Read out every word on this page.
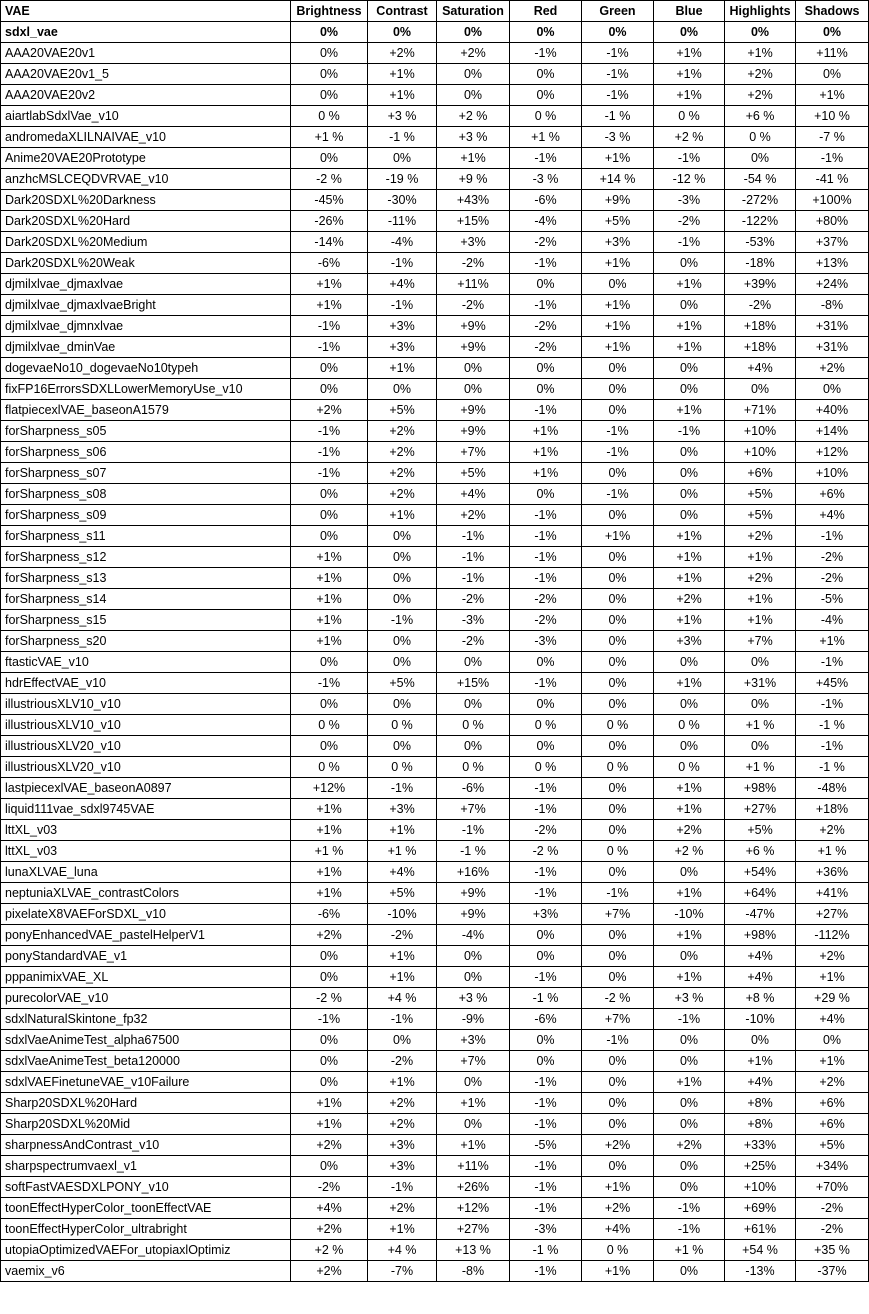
VAE	Brightness	Contrast	Saturation	Red	Green	Blue	Highlights	Shadows
sdxl_vae	0%	0%	0%	0%	0%	0%	0%	0%
AAA20VAE20v1	0%	+2%	+2%	-1%	-1%	+1%	+1%	+11%
AAA20VAE20v1_5	0%	+1%	0%	0%	-1%	+1%	+2%	0%
AAA20VAE20v2	0%	+1%	0%	0%	-1%	+1%	+2%	+1%
aiartlabSdxlVae_v10	0 %	+3 %	+2 %	0 %	-1 %	0 %	+6 %	+10 %
andromedaXLILNAIVAE_v10	+1 %	-1 %	+3 %	+1 %	-3 %	+2 %	0 %	-7 %
Anime20VAE20Prototype	0%	0%	+1%	-1%	+1%	-1%	0%	-1%
anzhcMSLCEQDVRVAE_v10	-2 %	-19 %	+9 %	-3 %	+14 %	-12 %	-54 %	-41 %
Dark20SDXL%20Darkness	-45%	-30%	+43%	-6%	+9%	-3%	-272%	+100%
Dark20SDXL%20Hard	-26%	-11%	+15%	-4%	+5%	-2%	-122%	+80%
Dark20SDXL%20Medium	-14%	-4%	+3%	-2%	+3%	-1%	-53%	+37%
Dark20SDXL%20Weak	-6%	-1%	-2%	-1%	+1%	0%	-18%	+13%
djmilxlvae_djmaxlvae	+1%	+4%	+11%	0%	0%	+1%	+39%	+24%
djmilxlvae_djmaxlvaeBright	+1%	-1%	-2%	-1%	+1%	0%	-2%	-8%
djmilxlvae_djmnxlvae	-1%	+3%	+9%	-2%	+1%	+1%	+18%	+31%
djmilxlvae_dminVae	-1%	+3%	+9%	-2%	+1%	+1%	+18%	+31%
dogevaeNo10_dogevaeNo10typeh	0%	+1%	0%	0%	0%	0%	+4%	+2%
fixFP16ErrorsSDXLLowerMemoryUse_v10	0%	0%	0%	0%	0%	0%	0%	0%
flatpiecexlVAE_baseonA1579	+2%	+5%	+9%	-1%	0%	+1%	+71%	+40%
forSharpness_s05	-1%	+2%	+9%	+1%	-1%	-1%	+10%	+14%
forSharpness_s06	-1%	+2%	+7%	+1%	-1%	0%	+10%	+12%
forSharpness_s07	-1%	+2%	+5%	+1%	0%	0%	+6%	+10%
forSharpness_s08	0%	+2%	+4%	0%	-1%	0%	+5%	+6%
forSharpness_s09	0%	+1%	+2%	-1%	0%	0%	+5%	+4%
forSharpness_s11	0%	0%	-1%	-1%	+1%	+1%	+2%	-1%
forSharpness_s12	+1%	0%	-1%	-1%	0%	+1%	+1%	-2%
forSharpness_s13	+1%	0%	-1%	-1%	0%	+1%	+2%	-2%
forSharpness_s14	+1%	0%	-2%	-2%	0%	+2%	+1%	-5%
forSharpness_s15	+1%	-1%	-3%	-2%	0%	+1%	+1%	-4%
forSharpness_s20	+1%	0%	-2%	-3%	0%	+3%	+7%	+1%
ftasticVAE_v10	0%	0%	0%	0%	0%	0%	0%	-1%
hdrEffectVAE_v10	-1%	+5%	+15%	-1%	0%	+1%	+31%	+45%
illustriousXLV10_v10	0%	0%	0%	0%	0%	0%	0%	-1%
illustriousXLV10_v10	0 %	0 %	0 %	0 %	0 %	0 %	+1 %	-1 %
illustriousXLV20_v10	0%	0%	0%	0%	0%	0%	0%	-1%
illustriousXLV20_v10	0 %	0 %	0 %	0 %	0 %	0 %	+1 %	-1 %
lastpiecexlVAE_baseonA0897	+12%	-1%	-6%	-1%	0%	+1%	+98%	-48%
liquid111vae_sdxl9745VAE	+1%	+3%	+7%	-1%	0%	+1%	+27%	+18%
lttXL_v03	+1%	+1%	-1%	-2%	0%	+2%	+5%	+2%
lttXL_v03	+1 %	+1 %	-1 %	-2 %	0 %	+2 %	+6 %	+1 %
lunaXLVAE_luna	+1%	+4%	+16%	-1%	0%	0%	+54%	+36%
neptuniaXLVAE_contrastColors	+1%	+5%	+9%	-1%	-1%	+1%	+64%	+41%
pixelateX8VAEForSDXL_v10	-6%	-10%	+9%	+3%	+7%	-10%	-47%	+27%
ponyEnhancedVAE_pastelHelperV1	+2%	-2%	-4%	0%	0%	+1%	+98%	-112%
ponyStandardVAE_v1	0%	+1%	0%	0%	0%	0%	+4%	+2%
pppanimixVAE_XL	0%	+1%	0%	-1%	0%	+1%	+4%	+1%
purecolorVAE_v10	-2 %	+4 %	+3 %	-1 %	-2 %	+3 %	+8 %	+29 %
sdxlNaturalSkintone_fp32	-1%	-1%	-9%	-6%	+7%	-1%	-10%	+4%
sdxlVaeAnimeTest_alpha67500	0%	0%	+3%	0%	-1%	0%	0%	0%
sdxlVaeAnimeTest_beta120000	0%	-2%	+7%	0%	0%	0%	+1%	+1%
sdxlVAEFinetuneVAE_v10Failure	0%	+1%	0%	-1%	0%	+1%	+4%	+2%
Sharp20SDXL%20Hard	+1%	+2%	+1%	-1%	0%	0%	+8%	+6%
Sharp20SDXL%20Mid	+1%	+2%	0%	-1%	0%	0%	+8%	+6%
sharpnessAndContrast_v10	+2%	+3%	+1%	-5%	+2%	+2%	+33%	+5%
sharpspectrumvaexl_v1	0%	+3%	+11%	-1%	0%	0%	+25%	+34%
softFastVAESDXLPONY_v10	-2%	-1%	+26%	-1%	+1%	0%	+10%	+70%
toonEffectHyperColor_toonEffectVAE	+4%	+2%	+12%	-1%	+2%	-1%	+69%	-2%
toonEffectHyperColor_ultrabright	+2%	+1%	+27%	-3%	+4%	-1%	+61%	-2%
utopiaOptimizedVAEFor_utopiaxlOptimiz	+2 %	+4 %	+13 %	-1 %	0 %	+1 %	+54 %	+35 %
vaemix_v6	+2%	-7%	-8%	-1%	+1%	0%	-13%	-37%
